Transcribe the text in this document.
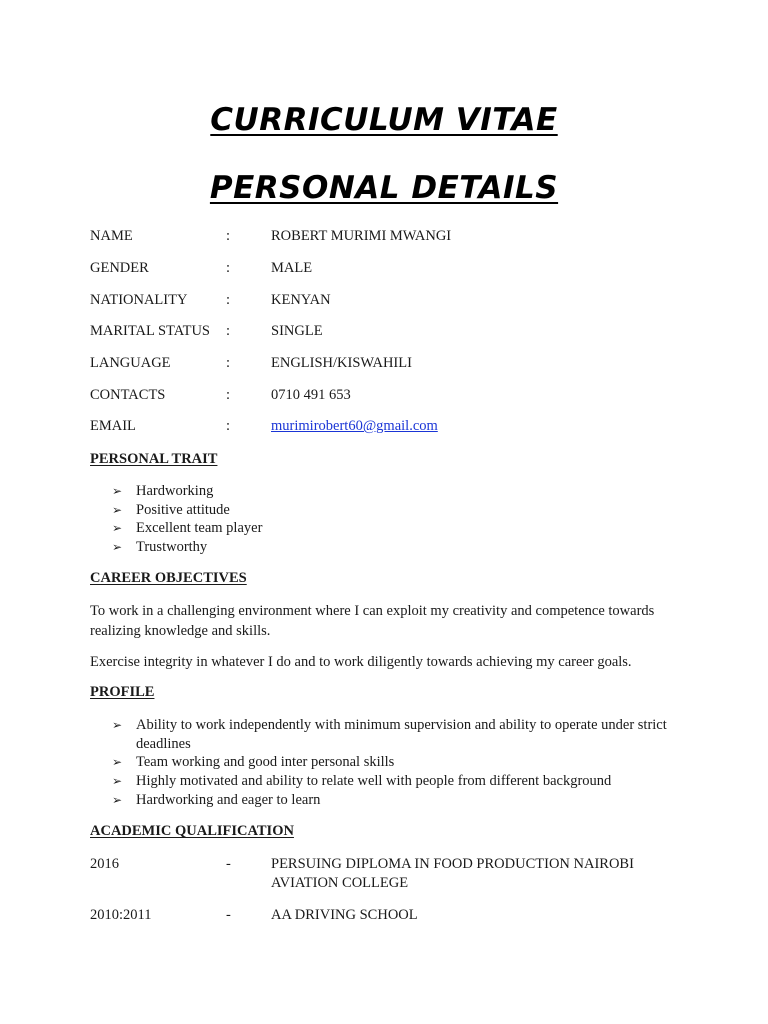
CURRICULUM VITAE
PERSONAL DETAILS
NAME	:	ROBERT MURIMI MWANGI
GENDER	:	MALE
NATIONALITY	:	KENYAN
MARITAL STATUS :	SINGLE
LANGUAGE	:	ENGLISH/KISWAHILI
CONTACTS	:	0710 491 653
EMAIL	:	murimirobert60@gmail.com
PERSONAL TRAIT
➢ Hardworking
➢ Positive attitude
➢ Excellent team player
➢ Trustworthy
CAREER OBJECTIVES
To work in a challenging environment where I can exploit my creativity and competence towards realizing knowledge and skills.
Exercise integrity in whatever I do and to work diligently towards achieving my career goals.
PROFILE
➢ Ability to work independently with minimum supervision and ability to operate under strict deadlines
➢ Team working and good inter personal skills
➢ Highly motivated and ability to relate well with people from different background
➢ Hardworking and eager to learn
ACADEMIC QUALIFICATION
2016	-	PERSUING DIPLOMA IN FOOD PRODUCTION NAIROBI AVIATION COLLEGE
2010:2011	-	AA DRIVING SCHOOL
